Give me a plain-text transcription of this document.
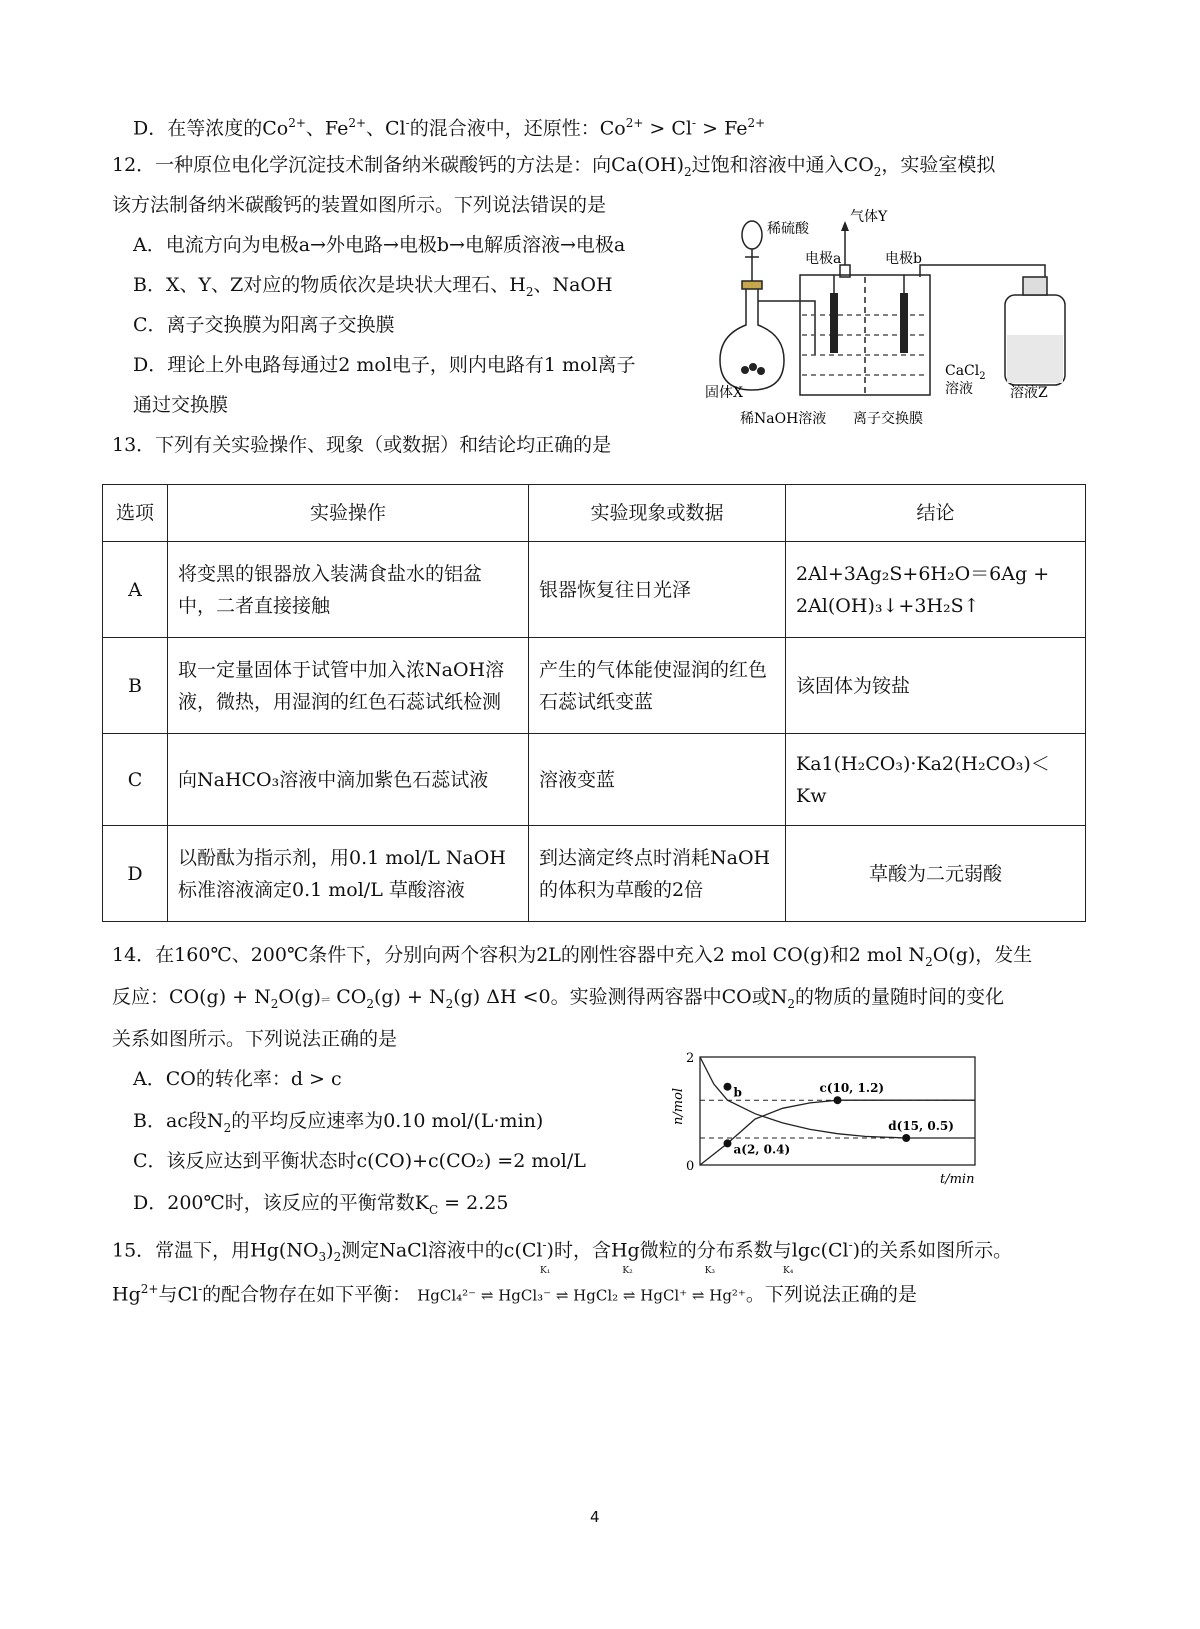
D．在等浓度的$Co^{2+}$、$Fe^{2+}$、Cl-的混合液中，还原性：$Co^{2+} > Cl^- > Fe^{2+}$
12．一种原位电化学沉淀技术制备纳米碳酸钙的方法是：向$Ca(OH)_2$过饱和溶液中通入$CO_2$，实验室模拟
该方法制备纳米碳酸钙的装置如图所示。下列说法错误的是
A．电流方向为电极a→外电路→电极b→电解质溶液→电极a
B．X、Y、Z对应的物质依次是块状大理石、$H_2$、NaOH
C．离子交换膜为阳离子交换膜
D．理论上外电路每通过2 mol电子，则内电路有1 mol离子
通过交换膜
稀硫酸
气体Y
电极a	电极b
固体X
CaCl$_2$
溶液
稀NaOH溶液 离子交换膜
溶液Z
13．下列有关实验操作、现象（或数据）和结论均正确的是
选项	实验操作	实验现象或数据	结论
A	将变黑的银器放入装满食盐水的铝盆中，二者直接接触	银器恢复往日光泽	2Al+3Ag₂S+6H₂O＝6Ag + 2Al(OH)₃↓+3H₂S↑
B	取一定量固体于试管中加入浓NaOH溶液，微热，用湿润的红色石蕊试纸检测	产生的气体能使湿润的红色石蕊试纸变蓝	该固体为铵盐
C	向NaHCO₃溶液中滴加紫色石蕊试液	溶液变蓝	Ka1(H₂CO₃)·Ka2(H₂CO₃)＜Kw
D	以酚酞为指示剂，用0.1 mol/L NaOH标准溶液滴定0.1 mol/L 草酸溶液	到达滴定终点时消耗NaOH的体积为草酸的2倍	草酸为二元弱酸
14．在160℃、200℃条件下，分别向两个容积为2L的刚性容器中充入2 mol CO(g)和2 mol $N_2O(g)$，发生
反应：$CO(g) + N_2O(g)\rightleftharpoons$ $CO_2(g) + N_2(g)$ ΔH <0。实验测得两容器中CO或$N_2$的物质的量随时间的变化
关系如图所示。下列说法正确的是
A．CO的转化率：d > c
B．ac段$N_2$的平均反应速率为0.10 mol/(L·min)
C．该反应达到平衡状态时c(CO)+c(CO₂) =2 mol/L
D．200℃时，该反应的平衡常数$K_C = 2.25$
0
2
n/mol
t/min
a(2, 0.4)
b	c(10, 1.2)
d(15, 0.5)
15．常温下，用$Hg(NO_3)_2$测定NaCl溶液中的c(Cl-)时，含Hg微粒的分布系数与lgc(Cl-)的关系如图所示。
$Hg^{2+}$与Cl-的配合物存在如下平衡： HgCl₄²⁻ ⇌ HgCl₃⁻ ⇌ HgCl₂ ⇌ HgCl⁺ ⇌ Hg²⁺。下列说法正确的是
K₁	K₂	K₃	K₄
4
